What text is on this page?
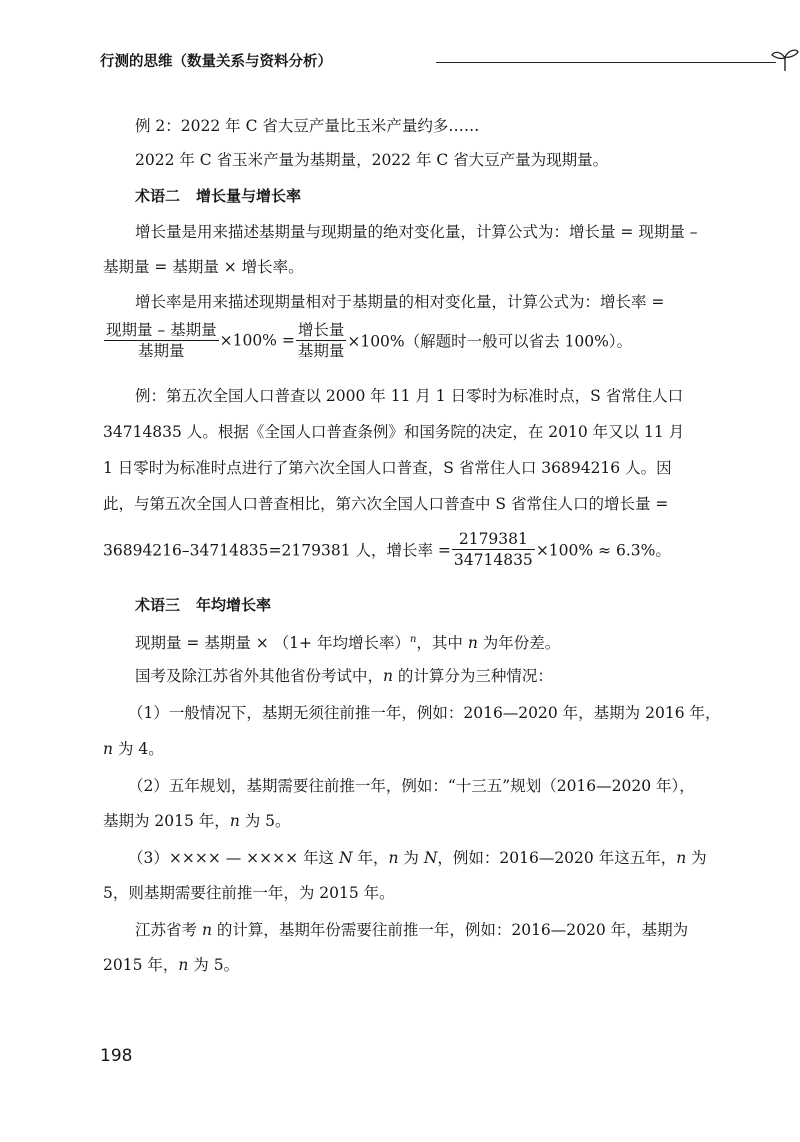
行测的思维（数量关系与资料分析）
例 2：2022 年 C 省大豆产量比玉米产量约多……
2022 年 C 省玉米产量为基期量，2022 年 C 省大豆产量为现期量。
术语二 增长量与增长率
增长量是用来描述基期量与现期量的绝对变化量，计算公式为：增长量 = 现期量 –
基期量 = 基期量 × 增长率。
增长率是用来描述现期量相对于基期量的相对变化量，计算公式为：增长率 =
$\frac{\text{现期量 – 基期量}}{\text{基期量}} \times 100\% = \frac{\text{增长量}}{\text{基期量}} \times 100\%$（解题时一般可以省去 100%）。
例：第五次全国人口普查以 2000 年 11 月 1 日零时为标准时点，S 省常住人口
34714835 人。根据《全国人口普查条例》和国务院的决定，在 2010 年又以 11 月
1 日零时为标准时点进行了第六次全国人口普查，S 省常住人口 36894216 人。因
此，与第五次全国人口普查相比，第六次全国人口普查中 S 省常住人口的增长量 =
36894216–34714835=2179381 人，增长率 = $\frac{2179381}{34714835} \times 100\% \approx 6.3\%$。
术语三 年均增长率
现期量 = 基期量 × （1+ 年均增长率）$^n$，其中 n 为年份差。
国考及除江苏省外其他省份考试中，n 的计算分为三种情况：
（1）一般情况下，基期无须往前推一年，例如：2016—2020 年，基期为 2016 年，
n 为 4。
（2）五年规划，基期需要往前推一年，例如：“十三五”规划（2016—2020 年），
基期为 2015 年，n 为 5。
（3）×××× — ×××× 年这 N 年，n 为 N，例如：2016—2020 年这五年，n 为
5，则基期需要往前推一年，为 2015 年。
江苏省考 n 的计算，基期年份需要往前推一年，例如：2016—2020 年，基期为
2015 年，n 为 5。
198
